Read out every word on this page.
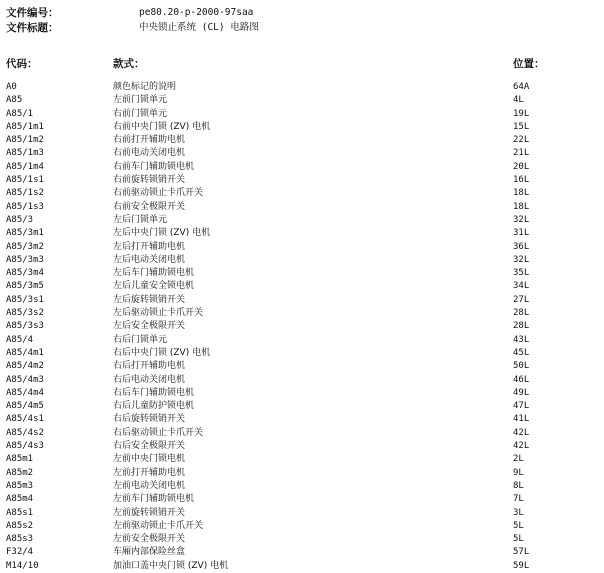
文件编号：	pe80.20-p-2000-97saa
文件标题：	中央锁止系统 (CL) 电路图
代码：	款式：	位置：
A0	颜色标记的说明	64A
A85	左前门锁单元	4L
A85/1	右前门锁单元	19L
A85/1m1	右前中央门锁 (ZV) 电机	15L
A85/1m2	右前打开辅助电机	22L
A85/1m3	右前电动关闭电机	21L
A85/1m4	右前车门辅助锁电机	20L
A85/1s1	右前旋转锁销开关	16L
A85/1s2	右前驱动锁止卡爪开关	18L
A85/1s3	右前安全极限开关	18L
A85/3	左后门锁单元	32L
A85/3m1	左后中央门锁 (ZV) 电机	31L
A85/3m2	左后打开辅助电机	36L
A85/3m3	左后电动关闭电机	32L
A85/3m4	左后车门辅助锁电机	35L
A85/3m5	左后儿童安全锁电机	34L
A85/3s1	左后旋转锁销开关	27L
A85/3s2	左后驱动锁止卡爪开关	28L
A85/3s3	左后安全极限开关	28L
A85/4	右后门锁单元	43L
A85/4m1	右后中央门锁 (ZV) 电机	45L
A85/4m2	右后打开辅助电机	50L
A85/4m3	右后电动关闭电机	46L
A85/4m4	右后车门辅助锁电机	49L
A85/4m5	右后儿童防护锁电机	47L
A85/4s1	右后旋转锁销开关	41L
A85/4s2	右后驱动锁止卡爪开关	42L
A85/4s3	右后安全极限开关	42L
A85m1	左前中央门锁电机	2L
A85m2	左前打开辅助电机	9L
A85m3	左前电动关闭电机	8L
A85m4	左前车门辅助锁电机	7L
A85s1	左前旋转锁销开关	3L
A85s2	左前驱动锁止卡爪开关	5L
A85s3	左前安全极限开关	5L
F32/4	车厢内部保险丝盒	57L
M14/10	加油口盖中央门锁 (ZV) 电机	59L
